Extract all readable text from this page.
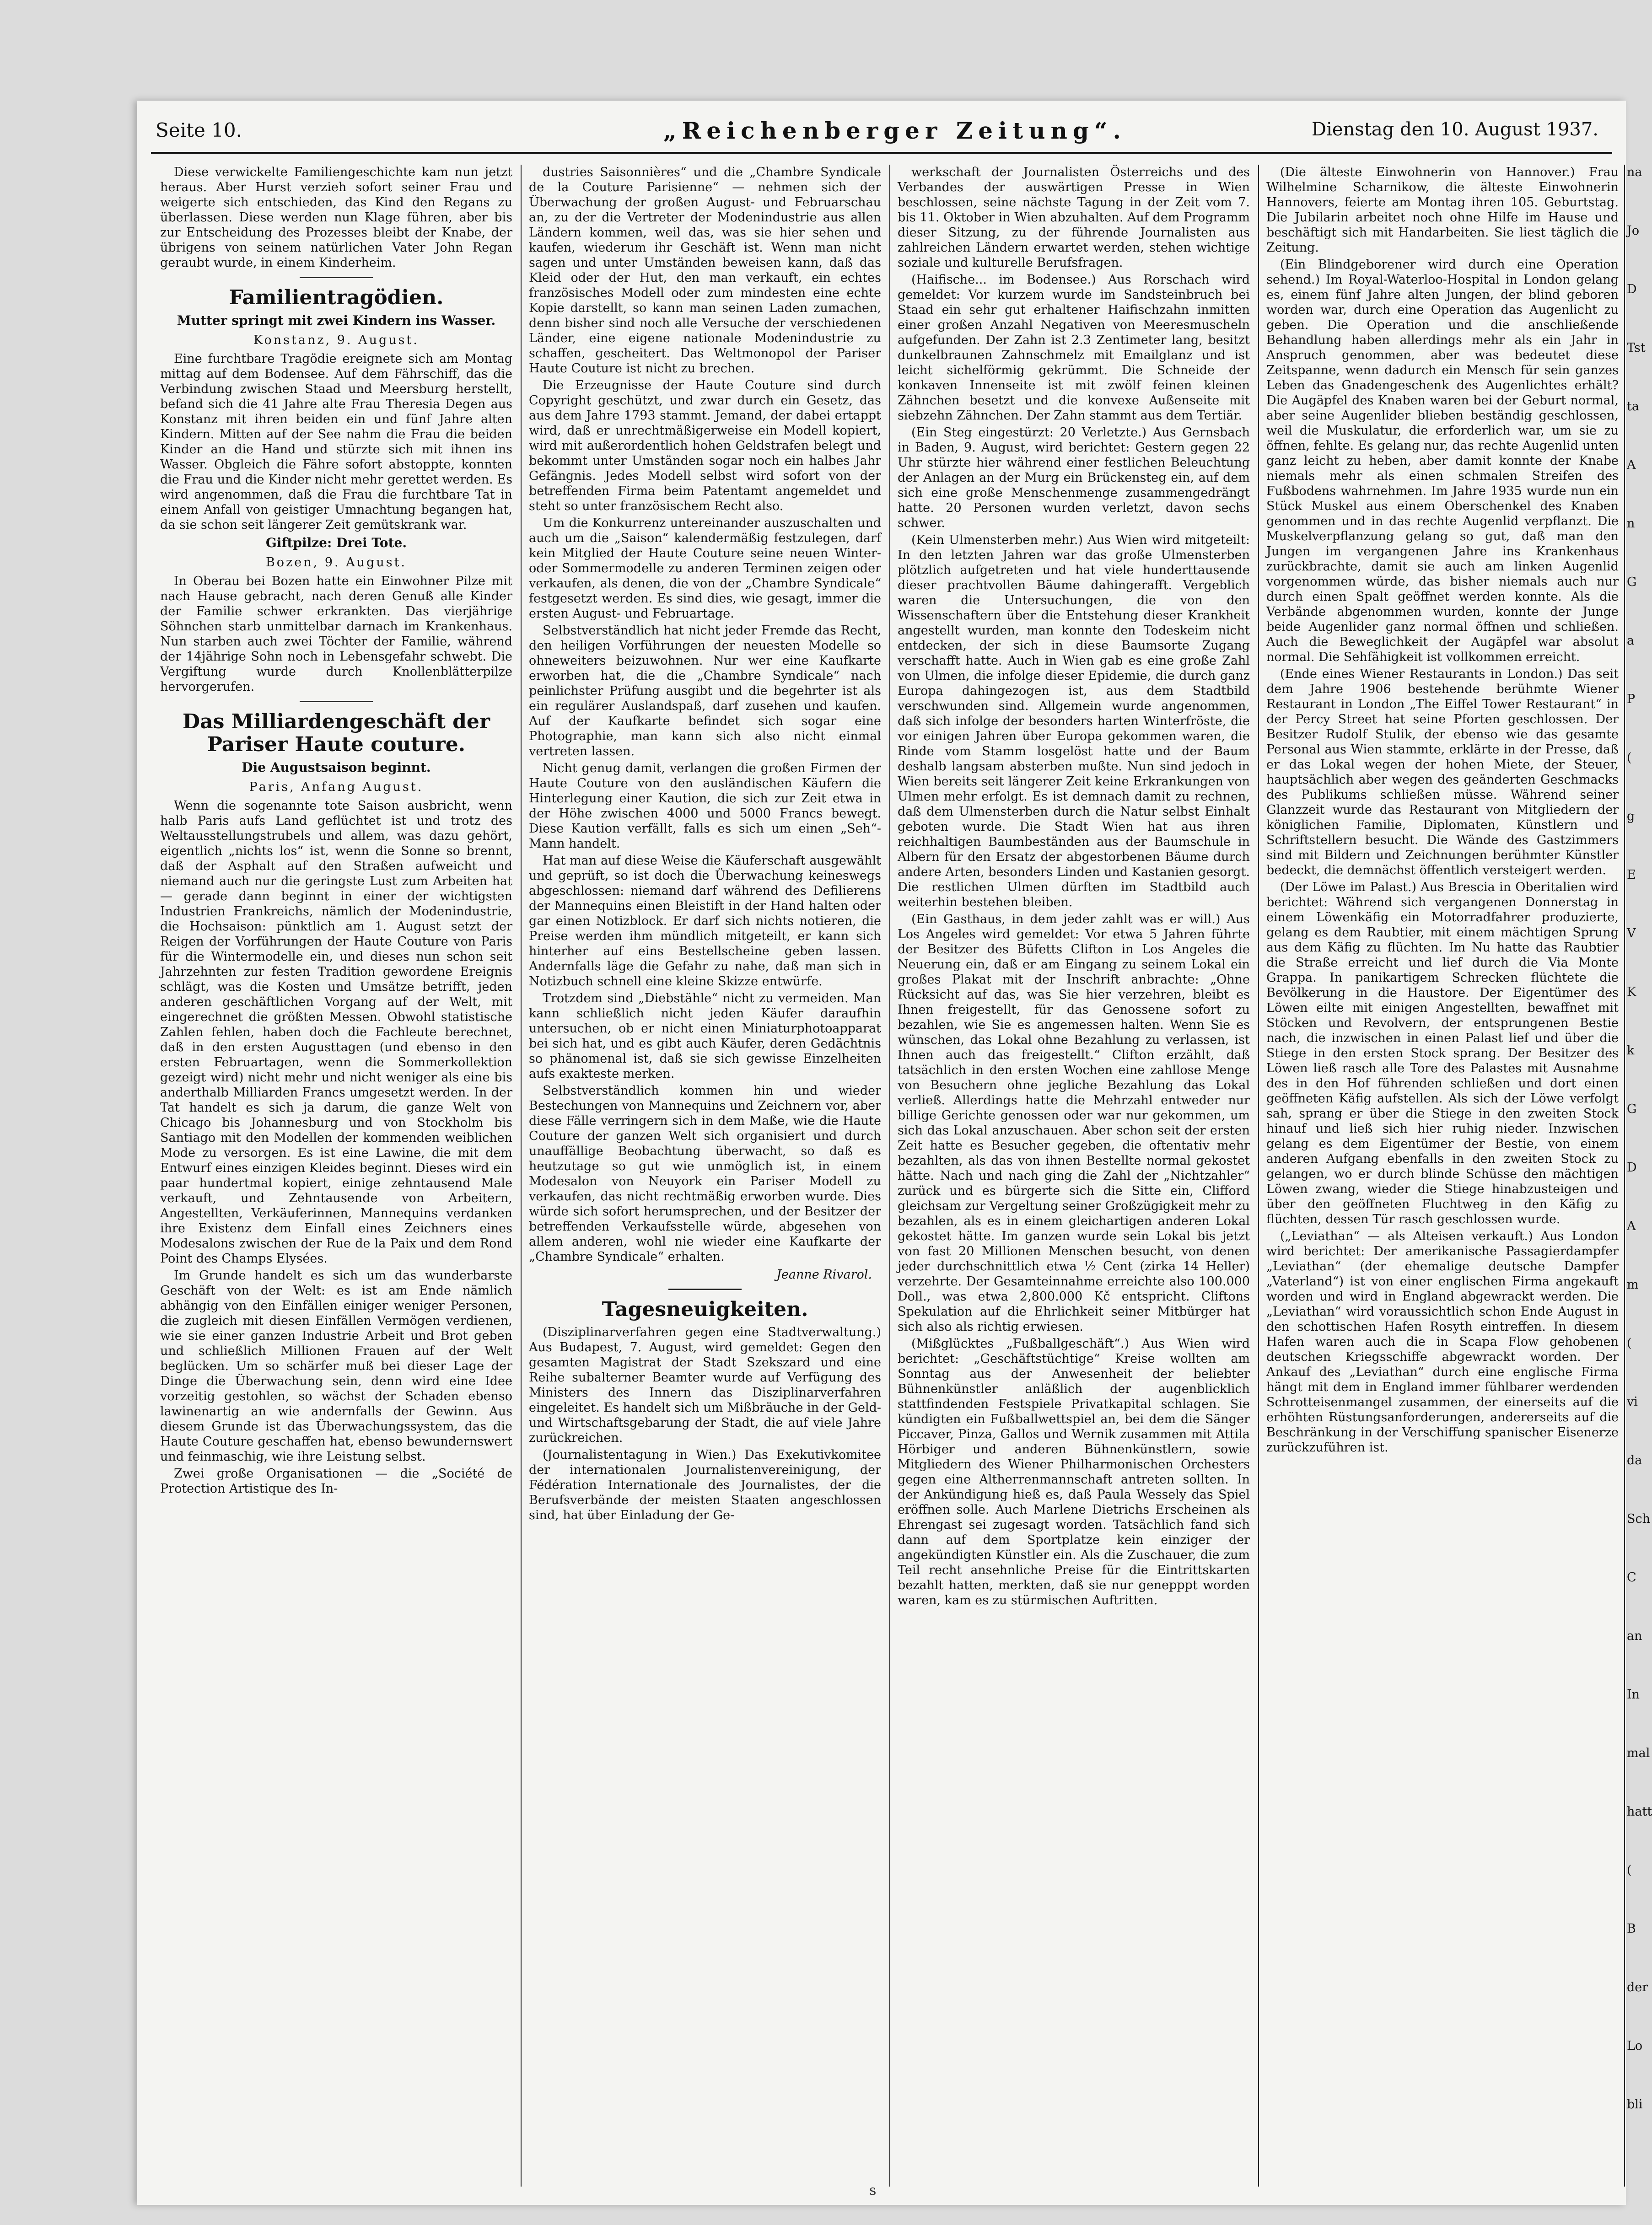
Seite 10.	„Reichenberger Zeitung“.	Dienstag den 10. August 1937.

Diese verwickelte Familiengeschichte kam nun jetzt heraus. Aber Hurst verzieh sofort seiner Frau und weigerte sich entschieden, das Kind den Regans zu überlassen. Diese werden nun Klage führen, aber bis zur Entscheidung des Prozesses bleibt der Knabe, der übrigens von seinem natürlichen Vater John Regan geraubt wurde, in einem Kinderheim.

Familientragödien.
Mutter springt mit zwei Kindern ins Wasser.
Konstanz, 9. August.

Eine furchtbare Tragödie ereignete sich am Montag mittag auf dem Bodensee. Auf dem Fährschiff, das die Verbindung zwischen Staad und Meersburg herstellt, befand sich die 41 Jahre alte Frau Theresia Degen aus Konstanz mit ihren beiden ein und fünf Jahre alten Kindern. Mitten auf der See nahm die Frau die beiden Kinder an die Hand und stürzte sich mit ihnen ins Wasser. Obgleich die Fähre sofort abstoppte, konnten die Frau und die Kinder nicht mehr gerettet werden. Es wird angenommen, daß die Frau die furchtbare Tat in einem Anfall von geistiger Umnachtung begangen hat, da sie schon seit längerer Zeit gemütskrank war.

Giftpilze: Drei Tote.
Bozen, 9. August.

In Oberau bei Bozen hatte ein Einwohner Pilze mit nach Hause gebracht, nach deren Genuß alle Kinder der Familie schwer erkrankten. Das vierjährige Söhnchen starb unmittelbar darnach im Krankenhaus. Nun starben auch zwei Töchter der Familie, während der 14jährige Sohn noch in Lebensgefahr schwebt. Die Vergiftung wurde durch Knollenblätterpilze hervorgerufen.

Das Milliardengeschäft der Pariser Haute couture.
Die Augustsaison beginnt.
Paris, Anfang August.

Wenn die sogenannte tote Saison ausbricht, wenn halb Paris aufs Land geflüchtet ist und trotz des Weltausstellungstrubels und allem, was dazu gehört, eigentlich „nichts los“ ist, wenn die Sonne so brennt, daß der Asphalt auf den Straßen aufweicht und niemand auch nur die geringste Lust zum Arbeiten hat — gerade dann beginnt in einer der wichtigsten Industrien Frankreichs, nämlich der Modenindustrie, die Hochsaison: pünktlich am 1. August setzt der Reigen der Vorführungen der Haute Couture von Paris für die Wintermodelle ein, und dieses nun schon seit Jahrzehnten zur festen Tradition gewordene Ereignis schlägt, was die Kosten und Umsätze betrifft, jeden anderen geschäftlichen Vorgang auf der Welt, mit eingerechnet die größten Messen. Obwohl statistische Zahlen fehlen, haben doch die Fachleute berechnet, daß in den ersten Augusttagen (und ebenso in den ersten Februartagen, wenn die Sommerkollektion gezeigt wird) nicht mehr und nicht weniger als eine bis anderthalb Milliarden Francs umgesetzt werden. In der Tat handelt es sich ja darum, die ganze Welt von Chicago bis Johannesburg und von Stockholm bis Santiago mit den Modellen der kommenden weiblichen Mode zu versorgen. Es ist eine Lawine, die mit dem Entwurf eines einzigen Kleides beginnt. Dieses wird ein paar hundertmal kopiert, einige zehntausend Male verkauft, und Zehntausende von Arbeitern, Angestellten, Verkäuferinnen, Mannequins verdanken ihre Existenz dem Einfall eines Zeichners eines Modesalons zwischen der Rue de la Paix und dem Rond Point des Champs Elysées.

Im Grunde handelt es sich um das wunderbarste Geschäft von der Welt: es ist am Ende nämlich abhängig von den Einfällen einiger weniger Personen, die zugleich mit diesen Einfällen Vermögen verdienen, wie sie einer ganzen Industrie Arbeit und Brot geben und schließlich Millionen Frauen auf der Welt beglücken. Um so schärfer muß bei dieser Lage der Dinge die Überwachung sein, denn wird eine Idee vorzeitig gestohlen, so wächst der Schaden ebenso lawinenartig an wie andernfalls der Gewinn. Aus diesem Grunde ist das Überwachungssystem, das die Haute Couture geschaffen hat, ebenso bewundernswert und feinmaschig, wie ihre Leistung selbst.

Zwei große Organisationen — die „Société de Protection Artistique des In-

dustries Saisonnières“ und die „Chambre Syndicale de la Couture Parisienne“ — nehmen sich der Überwachung der großen August- und Februarschau an, zu der die Vertreter der Modenindustrie aus allen Ländern kommen, weil das, was sie hier sehen und kaufen, wiederum ihr Geschäft ist. Wenn man nicht sagen und unter Umständen beweisen kann, daß das Kleid oder der Hut, den man verkauft, ein echtes französisches Modell oder zum mindesten eine echte Kopie darstellt, so kann man seinen Laden zumachen, denn bisher sind noch alle Versuche der verschiedenen Länder, eine eigene nationale Modenindustrie zu schaffen, gescheitert. Das Weltmonopol der Pariser Haute Couture ist nicht zu brechen.

Die Erzeugnisse der Haute Couture sind durch Copyright geschützt, und zwar durch ein Gesetz, das aus dem Jahre 1793 stammt. Jemand, der dabei ertappt wird, daß er unrechtmäßigerweise ein Modell kopiert, wird mit außerordentlich hohen Geldstrafen belegt und bekommt unter Umständen sogar noch ein halbes Jahr Gefängnis. Jedes Modell selbst wird sofort von der betreffenden Firma beim Patentamt angemeldet und steht so unter französischem Recht also.

Um die Konkurrenz untereinander auszuschalten und auch um die „Saison“ kalendermäßig festzulegen, darf kein Mitglied der Haute Couture seine neuen Winter- oder Sommermodelle zu anderen Terminen zeigen oder verkaufen, als denen, die von der „Chambre Syndicale“ festgesetzt werden. Es sind dies, wie gesagt, immer die ersten August- und Februartage.

Selbstverständlich hat nicht jeder Fremde das Recht, den heiligen Vorführungen der neuesten Modelle so ohneweiters beizuwohnen. Nur wer eine Kaufkarte erworben hat, die die „Chambre Syndicale“ nach peinlichster Prüfung ausgibt und die begehrter ist als ein regulärer Auslandspaß, darf zusehen und kaufen. Auf der Kaufkarte befindet sich sogar eine Photographie, man kann sich also nicht einmal vertreten lassen.

Nicht genug damit, verlangen die großen Firmen der Haute Couture von den ausländischen Käufern die Hinterlegung einer Kaution, die sich zur Zeit etwa in der Höhe zwischen 4000 und 5000 Francs bewegt. Diese Kaution verfällt, falls es sich um einen „Seh“-Mann handelt.

Hat man auf diese Weise die Käuferschaft ausgewählt und geprüft, so ist doch die Überwachung keineswegs abgeschlossen: niemand darf während des Defilierens der Mannequins einen Bleistift in der Hand halten oder gar einen Notizblock. Er darf sich nichts notieren, die Preise werden ihm mündlich mitgeteilt, er kann sich hinterher auf eins Bestellscheine geben lassen. Andernfalls läge die Gefahr zu nahe, daß man sich in Notizbuch schnell eine kleine Skizze entwürfe.

Trotzdem sind „Diebstähle“ nicht zu vermeiden. Man kann schließlich nicht jeden Käufer daraufhin untersuchen, ob er nicht einen Miniaturphotoapparat bei sich hat, und es gibt auch Käufer, deren Gedächtnis so phänomenal ist, daß sie sich gewisse Einzelheiten aufs exakteste merken.

Selbstverständlich kommen hin und wieder Bestechungen von Mannequins und Zeichnern vor, aber diese Fälle verringern sich in dem Maße, wie die Haute Couture der ganzen Welt sich organisiert und durch unauffällige Beobachtung überwacht, so daß es heutzutage so gut wie unmöglich ist, in einem Modesalon von Neuyork ein Pariser Modell zu verkaufen, das nicht rechtmäßig erworben wurde. Dies würde sich sofort herumsprechen, und der Besitzer der betreffenden Verkaufsstelle würde, abgesehen von allem anderen, wohl nie wieder eine Kaufkarte der „Chambre Syndicale“ erhalten.

Jeanne Rivarol.
Tagesneuigkeiten.

(Disziplinarverfahren gegen eine Stadtverwaltung.) Aus Budapest, 7. August, wird gemeldet: Gegen den gesamten Magistrat der Stadt Szekszard und eine Reihe subalterner Beamter wurde auf Verfügung des Ministers des Innern das Disziplinarverfahren eingeleitet. Es handelt sich um Mißbräuche in der Geld- und Wirtschaftsgebarung der Stadt, die auf viele Jahre zurückreichen.

(Journalistentagung in Wien.) Das Exekutivkomitee der internationalen Journalistenvereinigung, der Fédération Internationale des Journalistes, der die Berufsverbände der meisten Staaten angeschlossen sind, hat über Einladung der Ge-

werkschaft der Journalisten Österreichs und des Verbandes der auswärtigen Presse in Wien beschlossen, seine nächste Tagung in der Zeit vom 7. bis 11. Oktober in Wien abzuhalten. Auf dem Programm dieser Sitzung, zu der führende Journalisten aus zahlreichen Ländern erwartet werden, stehen wichtige soziale und kulturelle Berufsfragen.

(Haifische... im Bodensee.) Aus Rorschach wird gemeldet: Vor kurzem wurde im Sandsteinbruch bei Staad ein sehr gut erhaltener Haifischzahn inmitten einer großen Anzahl Negativen von Meeresmuscheln aufgefunden. Der Zahn ist 2.3 Zentimeter lang, besitzt dunkelbraunen Zahnschmelz mit Emailglanz und ist leicht sichelförmig gekrümmt. Die Schneide der konkaven Innenseite ist mit zwölf feinen kleinen Zähnchen besetzt und die konvexe Außenseite mit siebzehn Zähnchen. Der Zahn stammt aus dem Tertiär.

(Ein Steg eingestürzt: 20 Verletzte.) Aus Gernsbach in Baden, 9. August, wird berichtet: Gestern gegen 22 Uhr stürzte hier während einer festlichen Beleuchtung der Anlagen an der Murg ein Brückensteg ein, auf dem sich eine große Menschenmenge zusammengedrängt hatte. 20 Personen wurden verletzt, davon sechs schwer.

(Kein Ulmensterben mehr.) Aus Wien wird mitgeteilt: In den letzten Jahren war das große Ulmensterben plötzlich aufgetreten und hat viele hunderttausende dieser prachtvollen Bäume dahingerafft. Vergeblich waren die Untersuchungen, die von den Wissenschaftern über die Entstehung dieser Krankheit angestellt wurden, man konnte den Todeskeim nicht entdecken, der sich in diese Baumsorte Zugang verschafft hatte. Auch in Wien gab es eine große Zahl von Ulmen, die infolge dieser Epidemie, die durch ganz Europa dahingezogen ist, aus dem Stadtbild verschwunden sind. Allgemein wurde angenommen, daß sich infolge der besonders harten Winterfröste, die vor einigen Jahren über Europa gekommen waren, die Rinde vom Stamm losgelöst hatte und der Baum deshalb langsam absterben mußte. Nun sind jedoch in Wien bereits seit längerer Zeit keine Erkrankungen von Ulmen mehr erfolgt. Es ist demnach damit zu rechnen, daß dem Ulmensterben durch die Natur selbst Einhalt geboten wurde. Die Stadt Wien hat aus ihren reichhaltigen Baumbeständen aus der Baumschule in Albern für den Ersatz der abgestorbenen Bäume durch andere Arten, besonders Linden und Kastanien gesorgt. Die restlichen Ulmen dürften im Stadtbild auch weiterhin bestehen bleiben.

(Ein Gasthaus, in dem jeder zahlt was er will.) Aus Los Angeles wird gemeldet: Vor etwa 5 Jahren führte der Besitzer des Büfetts Clifton in Los Angeles die Neuerung ein, daß er am Eingang zu seinem Lokal ein großes Plakat mit der Inschrift anbrachte: „Ohne Rücksicht auf das, was Sie hier verzehren, bleibt es Ihnen freigestellt, für das Genossene sofort zu bezahlen, wie Sie es angemessen halten. Wenn Sie es wünschen, das Lokal ohne Bezahlung zu verlassen, ist Ihnen auch das freigestellt.“ Clifton erzählt, daß tatsächlich in den ersten Wochen eine zahllose Menge von Besuchern ohne jegliche Bezahlung das Lokal verließ. Allerdings hatte die Mehrzahl entweder nur billige Gerichte genossen oder war nur gekommen, um sich das Lokal anzuschauen. Aber schon seit der ersten Zeit hatte es Besucher gegeben, die oftentativ mehr bezahlten, als das von ihnen Bestellte normal gekostet hätte. Nach und nach ging die Zahl der „Nichtzahler“ zurück und es bürgerte sich die Sitte ein, Clifford gleichsam zur Vergeltung seiner Großzügigkeit mehr zu bezahlen, als es in einem gleichartigen anderen Lokal gekostet hätte. Im ganzen wurde sein Lokal bis jetzt von fast 20 Millionen Menschen besucht, von denen jeder durchschnittlich etwa ½ Cent (zirka 14 Heller) verzehrte. Der Gesamteinnahme erreichte also 100.000 Doll., was etwa 2,800.000 Kč entspricht. Cliftons Spekulation auf die Ehrlichkeit seiner Mitbürger hat sich also als richtig erwiesen.

(Mißglücktes „Fußballgeschäft“.) Aus Wien wird berichtet: „Geschäftstüchtige“ Kreise wollten am Sonntag aus der Anwesenheit der beliebter Bühnenkünstler anläßlich der augenblicklich stattfindenden Festspiele Privatkapital schlagen. Sie kündigten ein Fußballwettspiel an, bei dem die Sänger Piccaver, Pinza, Gallos und Wernik zusammen mit Attila Hörbiger und anderen Bühnenkünstlern, sowie Mitgliedern des Wiener Philharmonischen Orchesters gegen eine Altherrenmannschaft antreten sollten. In der Ankündigung hieß es, daß Paula Wessely das Spiel eröffnen solle. Auch Marlene Dietrichs Erscheinen als Ehrengast sei zugesagt worden. Tatsächlich fand sich dann auf dem Sportplatze kein einziger der angekündigten Künstler ein. Als die Zuschauer, die zum Teil recht ansehnliche Preise für die Eintrittskarten bezahlt hatten, merkten, daß sie nur genepppt worden waren, kam es zu stürmischen Auftritten.

(Die älteste Einwohnerin von Hannover.) Frau Wilhelmine Scharnikow, die älteste Einwohnerin Hannovers, feierte am Montag ihren 105. Geburtstag. Die Jubilarin arbeitet noch ohne Hilfe im Hause und beschäftigt sich mit Handarbeiten. Sie liest täglich die Zeitung.

(Ein Blindgeborener wird durch eine Operation sehend.) Im Royal-Waterloo-Hospital in London gelang es, einem fünf Jahre alten Jungen, der blind geboren worden war, durch eine Operation das Augenlicht zu geben. Die Operation und die anschließende Behandlung haben allerdings mehr als ein Jahr in Anspruch genommen, aber was bedeutet diese Zeitspanne, wenn dadurch ein Mensch für sein ganzes Leben das Gnadengeschenk des Augenlichtes erhält? Die Augäpfel des Knaben waren bei der Geburt normal, aber seine Augenlider blieben beständig geschlossen, weil die Muskulatur, die erforderlich war, um sie zu öffnen, fehlte. Es gelang nur, das rechte Augenlid unten ganz leicht zu heben, aber damit konnte der Knabe niemals mehr als einen schmalen Streifen des Fußbodens wahrnehmen. Im Jahre 1935 wurde nun ein Stück Muskel aus einem Oberschenkel des Knaben genommen und in das rechte Augenlid verpflanzt. Die Muskelverpflanzung gelang so gut, daß man den Jungen im vergangenen Jahre ins Krankenhaus zurückbrachte, damit sie auch am linken Augenlid vorgenommen würde, das bisher niemals auch nur durch einen Spalt geöffnet werden konnte. Als die Verbände abgenommen wurden, konnte der Junge beide Augenlider ganz normal öffnen und schließen. Auch die Beweglichkeit der Augäpfel war absolut normal. Die Sehfähigkeit ist vollkommen erreicht.

(Ende eines Wiener Restaurants in London.) Das seit dem Jahre 1906 bestehende berühmte Wiener Restaurant in London „The Eiffel Tower Restaurant“ in der Percy Street hat seine Pforten geschlossen. Der Besitzer Rudolf Stulik, der ebenso wie das gesamte Personal aus Wien stammte, erklärte in der Presse, daß er das Lokal wegen der hohen Miete, der Steuer, hauptsächlich aber wegen des geänderten Geschmacks des Publikums schließen müsse. Während seiner Glanzzeit wurde das Restaurant von Mitgliedern der königlichen Familie, Diplomaten, Künstlern und Schriftstellern besucht. Die Wände des Gastzimmers sind mit Bildern und Zeichnungen berühmter Künstler bedeckt, die demnächst öffentlich versteigert werden.

(Der Löwe im Palast.) Aus Brescia in Oberitalien wird berichtet: Während sich vergangenen Donnerstag in einem Löwenkäfig ein Motorradfahrer produzierte, gelang es dem Raubtier, mit einem mächtigen Sprung aus dem Käfig zu flüchten. Im Nu hatte das Raubtier die Straße erreicht und lief durch die Via Monte Grappa. In panikartigem Schrecken flüchtete die Bevölkerung in die Haustore. Der Eigentümer des Löwen eilte mit einigen Angestellten, bewaffnet mit Stöcken und Revolvern, der entsprungenen Bestie nach, die inzwischen in einen Palast lief und über die Stiege in den ersten Stock sprang. Der Besitzer des Löwen ließ rasch alle Tore des Palastes mit Ausnahme des in den Hof führenden schließen und dort einen geöffneten Käfig aufstellen. Als sich der Löwe verfolgt sah, sprang er über die Stiege in den zweiten Stock hinauf und ließ sich hier ruhig nieder. Inzwischen gelang es dem Eigentümer der Bestie, von einem anderen Aufgang ebenfalls in den zweiten Stock zu gelangen, wo er durch blinde Schüsse den mächtigen Löwen zwang, wieder die Stiege hinabzusteigen und über den geöffneten Fluchtweg in den Käfig zu flüchten, dessen Tür rasch geschlossen wurde.

(„Leviathan“ — als Alteisen verkauft.) Aus London wird berichtet: Der amerikanische Passagierdampfer „Leviathan“ (der ehemalige deutsche Dampfer „Vaterland“) ist von einer englischen Firma angekauft worden und wird in England abgewrackt werden. Die „Leviathan“ wird voraussichtlich schon Ende August in den schottischen Hafen Rosyth eintreffen. In diesem Hafen waren auch die in Scapa Flow gehobenen deutschen Kriegsschiffe abgewrackt worden. Der Ankauf des „Leviathan“ durch eine englische Firma hängt mit dem in England immer fühlbarer werdenden Schrotteisenmangel zusammen, der einerseits auf die erhöhten Rüstungsanforderungen, andererseits auf die Beschränkung in der Verschiffung spanischer Eisenerze zurückzuführen ist.

na
Jo
D
Tst
ta
A
n
G
a
P
(
g
E
V
K
k
G
D
A
m
(
vi
da
Sch
C
an
In
mal
hatt
(
B
der
Lo
bli
s
